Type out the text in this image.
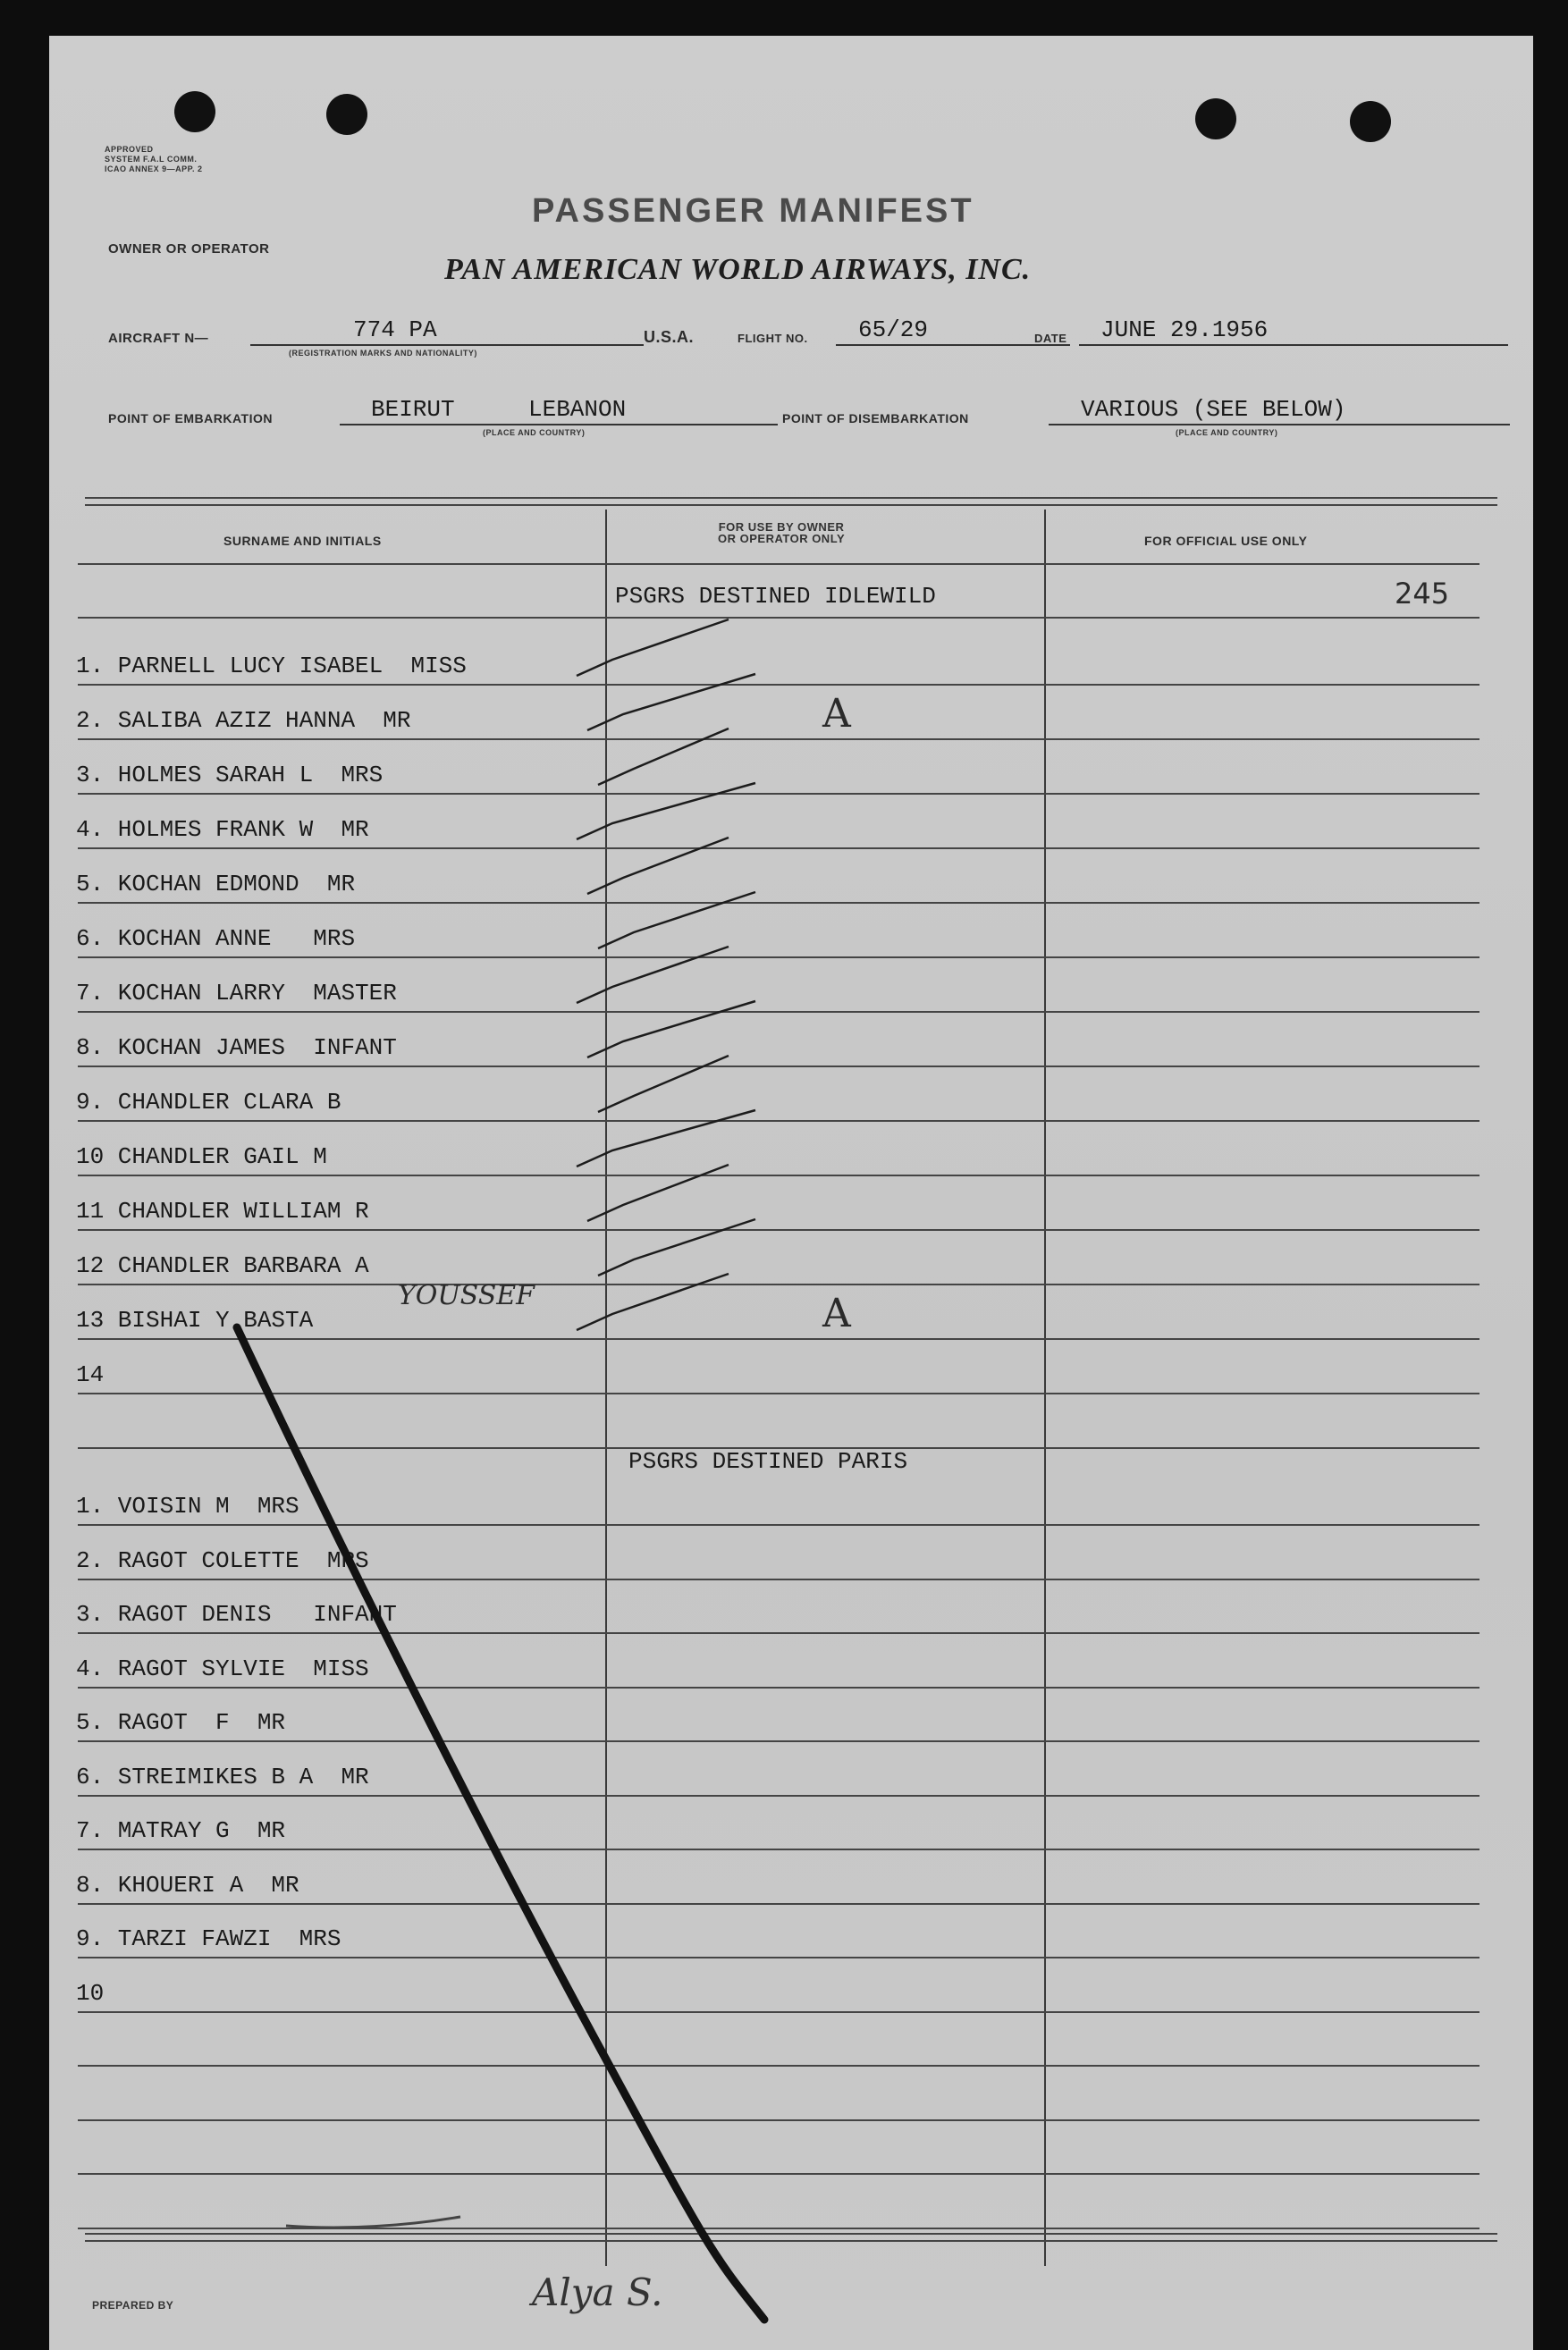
APPROVED
SYSTEM F.A.L COMM.
ICAO ANNEX 9—APP. 2
PASSENGER MANIFEST
OWNER OR OPERATOR
PAN AMERICAN WORLD AIRWAYS, INC.
AIRCRAFT N—	774 PA
(REGISTRATION MARKS AND NATIONALITY)
U.S.A.	FLIGHT NO. 65/29	DATE JUNE 29.1956
POINT OF EMBARKATION	BEIRUT	LEBANON
(PLACE AND COUNTRY)
POINT OF DISEMBARKATION	VARIOUS (SEE BELOW)
(PLACE AND COUNTRY)
SURNAME AND INITIALS
FOR USE BY OWNER
OR OPERATOR ONLY	FOR OFFICIAL USE ONLY
PSGRS DESTINED IDLEWILD	245
1. PARNELL LUCY ISABEL  MISS
2. SALIBA AZIZ HANNA  MR	A
3. HOLMES SARAH L  MRS
4. HOLMES FRANK W  MR
5. KOCHAN EDMOND  MR
6. KOCHAN ANNE   MRS
7. KOCHAN LARRY  MASTER
8. KOCHAN JAMES  INFANT
9. CHANDLER CLARA B
10 CHANDLER GAIL M
11 CHANDLER WILLIAM R
12 CHANDLER BARBARA A
13 BISHAI Y BASTA	A
14
YOUSSEF
PSGRS DESTINED PARIS
1. VOISIN M  MRS
2. RAGOT COLETTE  MRS
3. RAGOT DENIS   INFANT
4. RAGOT SYLVIE  MISS
5. RAGOT  F  MR
6. STREIMIKES B A  MR
7. MATRAY G  MR
8. KHOUERI A  MR
9. TARZI FAWZI  MRS
10
PREPARED BY	Alya S.
